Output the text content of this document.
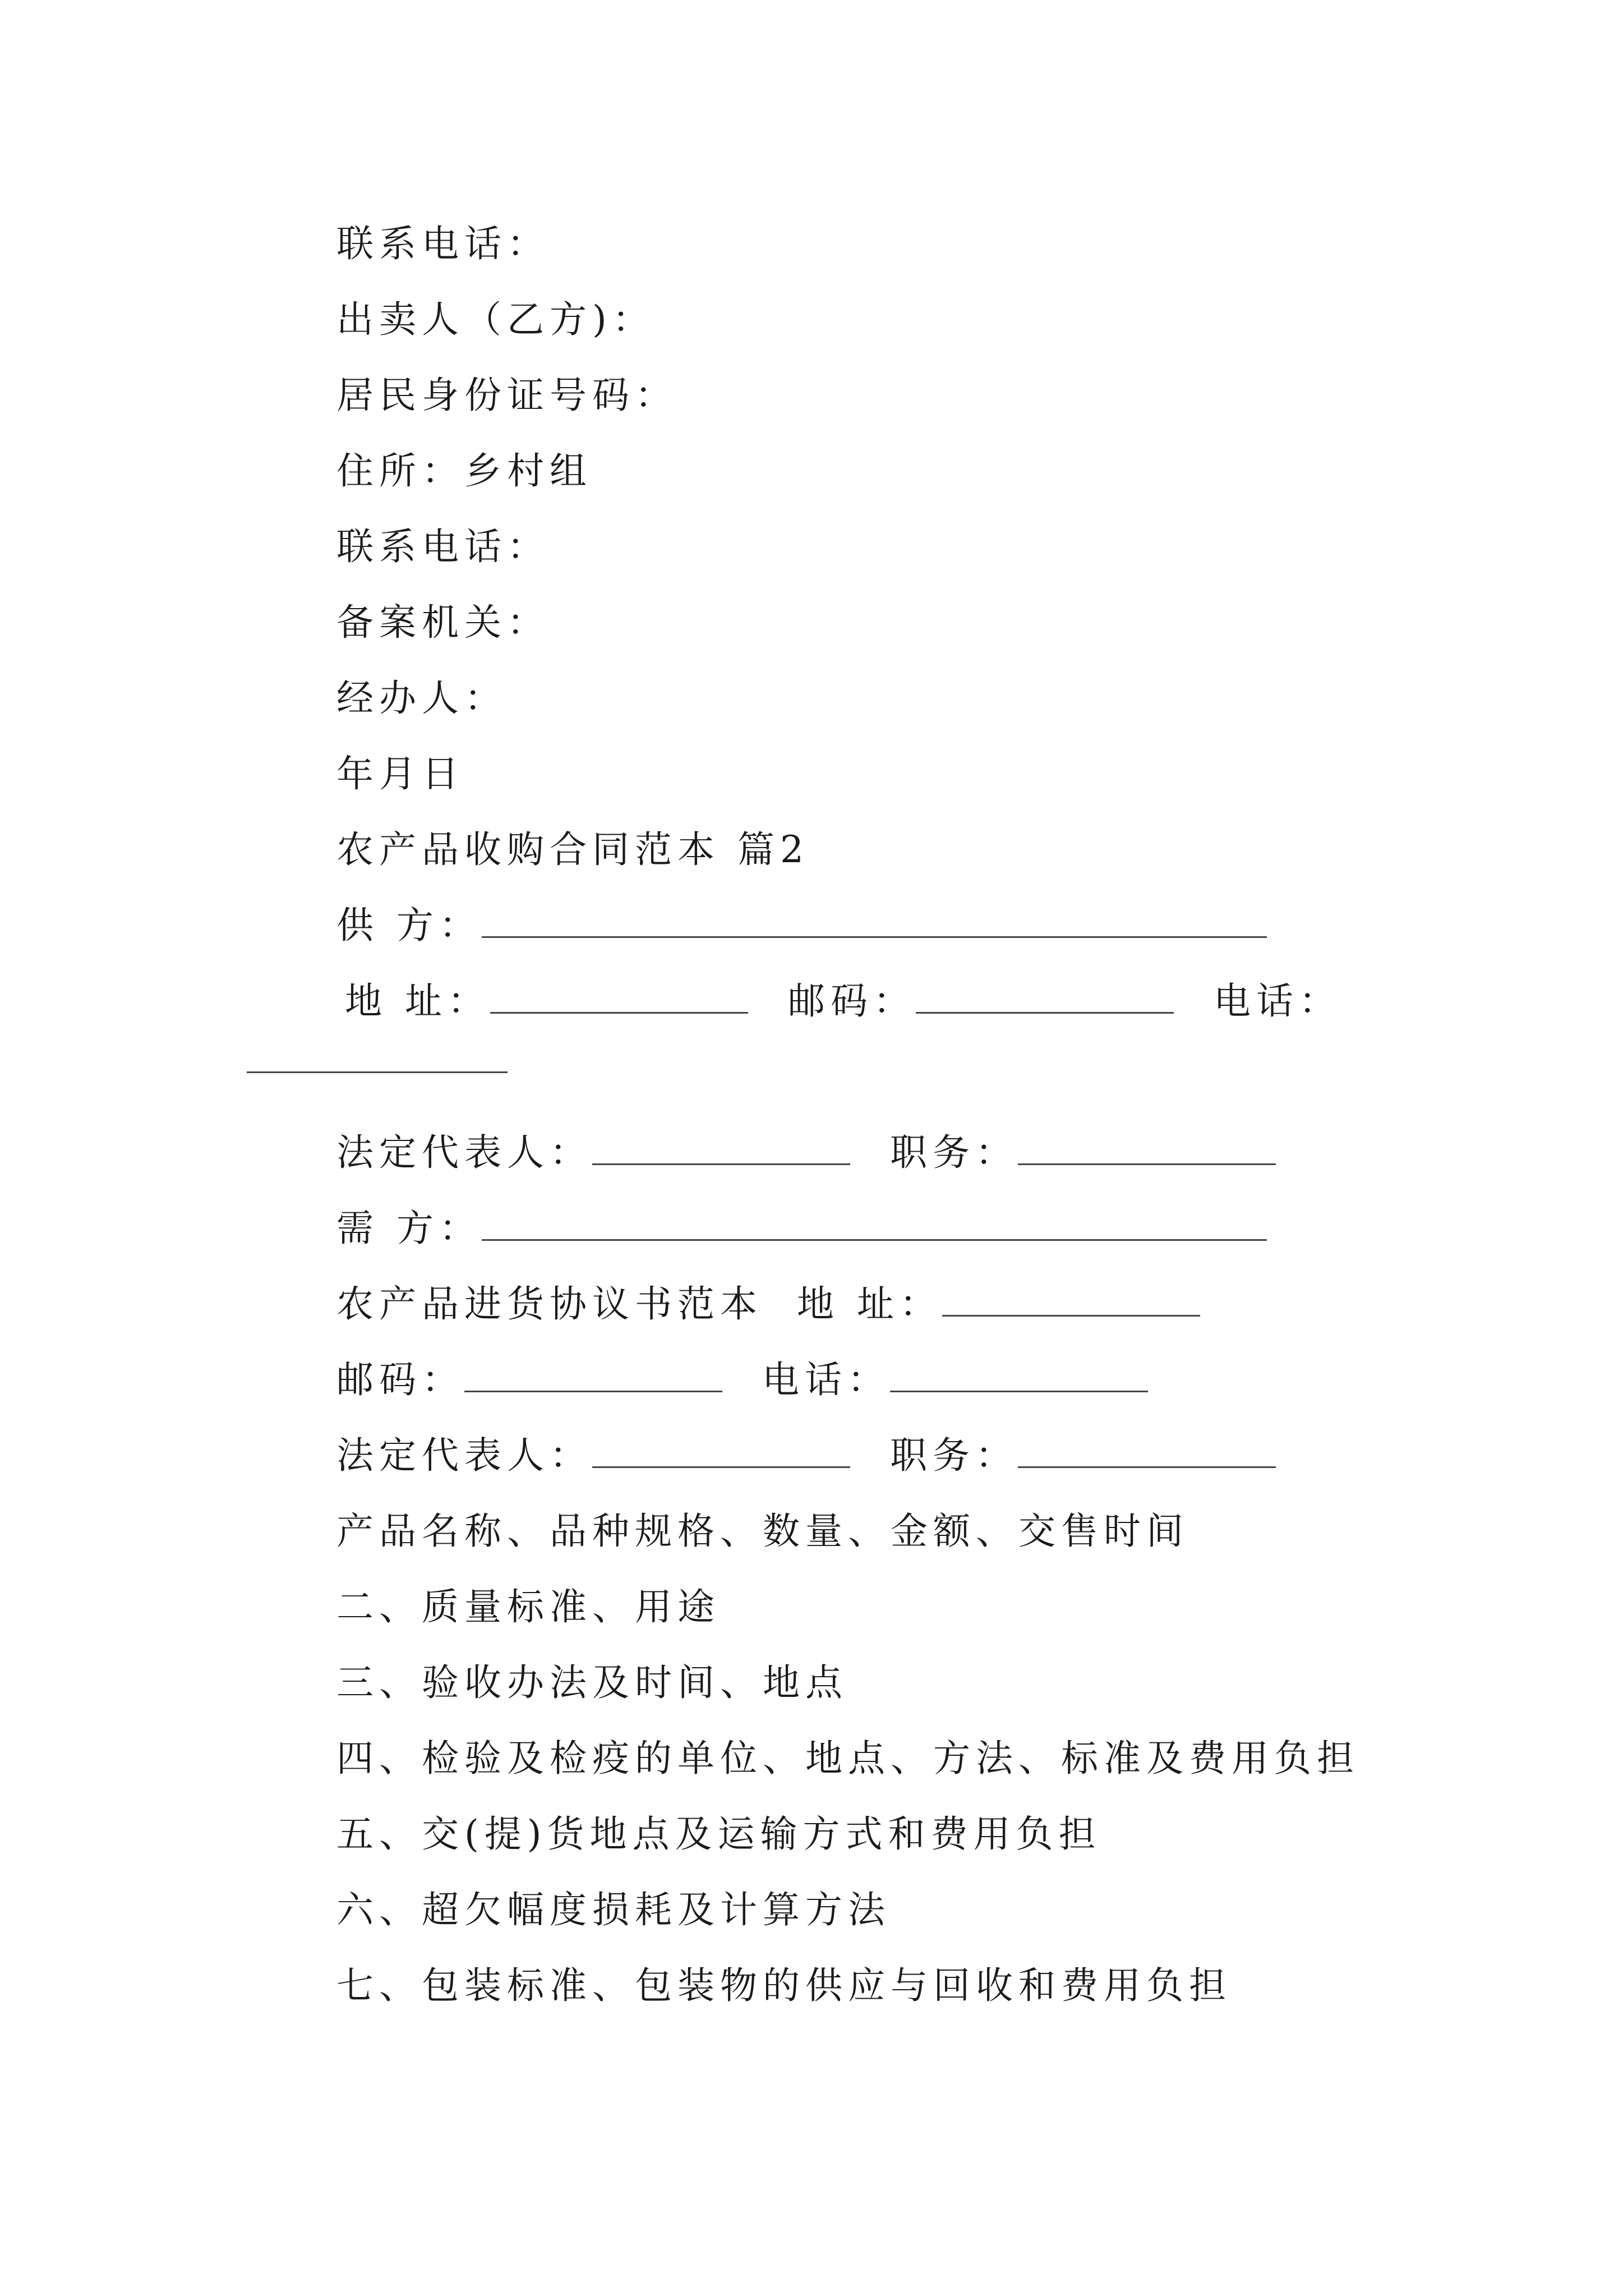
联系电话：
出卖人（乙方)：
居民身份证号码：
住所：乡村组
联系电话：
备案机关：
经办人：
年月日
农产品收购合同范本 篇2
供 方：
地 址：	邮码：	电话：
法定代表人：	职务：
需 方：
农产品进货协议书范本 地 址：
邮码：	电话：
法定代表人：	职务：
产品名称、品种规格、数量、金额、交售时间
二、质量标准、用途
三、验收办法及时间、地点
四、检验及检疫的单位、地点、方法、标准及费用负担
五、交(提)货地点及运输方式和费用负担
六、超欠幅度损耗及计算方法
七、包装标准、包装物的供应与回收和费用负担
